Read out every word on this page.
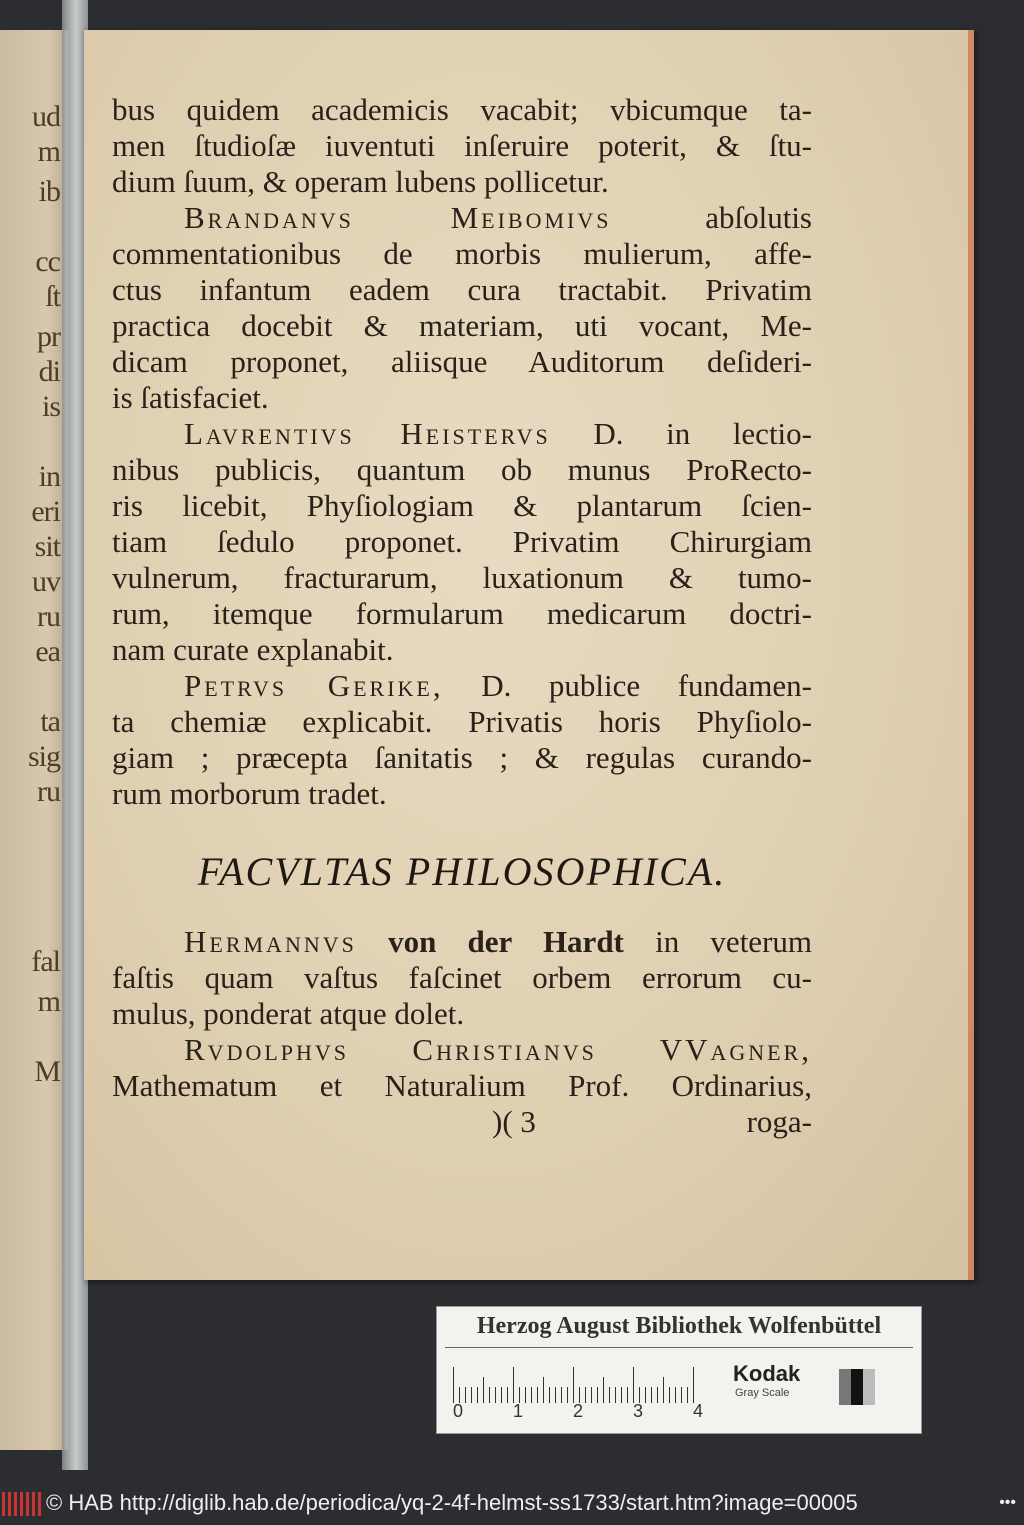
ud
m
ib
cc
ſt
pr
di
is
in
eri
sit
uv
ru
ea
ta
sig
ru
fal
m
M
bus quidem academicis vacabit; vbicumque ta-
men ſtudioſæ iuventuti inſeruire poterit, & ſtu-
dium ſuum, & operam lubens pollicetur.
Brandanvs Meibomivs	abſolutis
commentationibus de morbis mulierum, affe-
ctus infantum eadem cura tractabit. Privatim
practica docebit & materiam, uti vocant, Me-
dicam proponet, aliisque Auditorum deſideri-
is ſatisfaciet.
Lavrentivs Heistervs D. in lectio-
nibus publicis, quantum ob munus ProRecto-
ris licebit, Phyſiologiam & plantarum ſcien-
tiam ſedulo proponet. Privatim Chirurgiam
vulnerum, fracturarum, luxationum & tumo-
rum, itemque formularum medicarum doctri-
nam curate explanabit.
Petrvs Gerike, D. publice fundamen-
ta chemiæ explicabit. Privatis horis Phyſiolo-
giam ; præcepta ſanitatis ; & regulas curando-
rum morborum tradet.
FACVLTAS PHILOSOPHICA.
Hermannvs von der Hardt in veterum
faſtis quam vaſtus faſcinet orbem errorum cu-
mulus, ponderat atque dolet.
Rvdolphvs Christianvs VVagner,
Mathematum et Naturalium Prof. Ordinarius,
)( 3	roga-
Herzog August Bibliothek Wolfenbüttel
0	1	2	3	4
Kodak
Gray Scale
© HAB http://diglib.hab.de/periodica/yq-2-4f-helmst-ss1733/start.htm?image=00005	•••
